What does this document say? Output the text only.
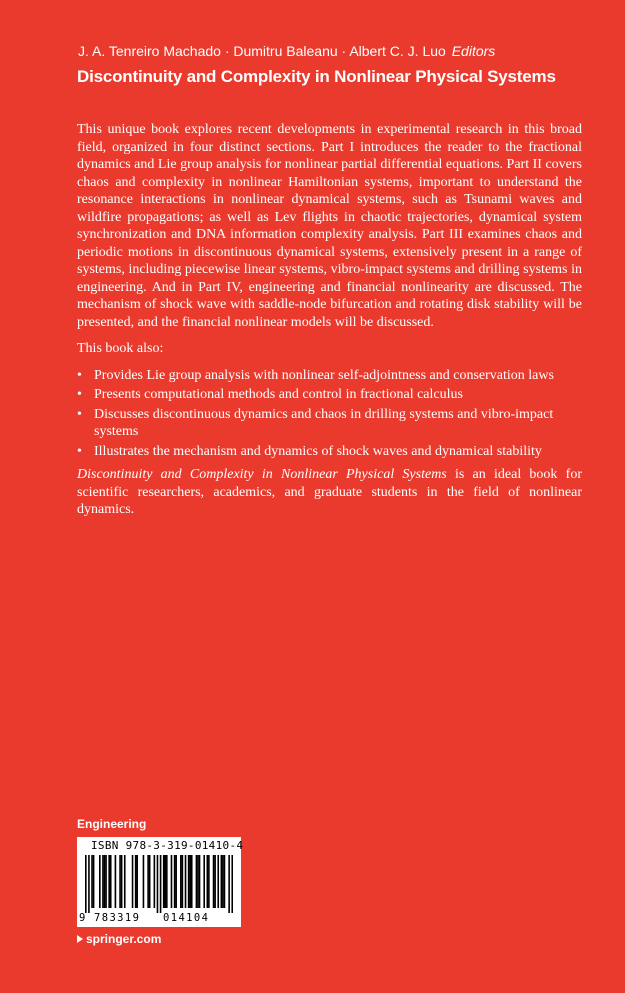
J. A. Tenreiro Machado · Dumitru Baleanu · Albert C. J. Luo Editors
Discontinuity and Complexity in Nonlinear Physical Systems

This unique book explores recent developments in experimental research in this broad field, organized in four distinct sections. Part I introduces the reader to the fractional dynamics and Lie group analysis for nonlinear partial differential equations. Part II covers chaos and complexity in nonlinear Hamiltonian systems, important to understand the resonance interactions in nonlinear dynamical systems, such as Tsunami waves and wildfire propagations; as well as Lev flights in chaotic trajectories, dynamical system synchronization and DNA information complexity analysis. Part III examines chaos and periodic motions in discontinuous dynamical systems, extensively present in a range of systems, including piecewise linear systems, vibro-impact systems and drilling systems in engineering. And in Part IV, engineering and financial nonlinearity are discussed. The mechanism of shock wave with saddle-node bifurcation and rotating disk stability will be presented, and the financial nonlinear models will be discussed.

This book also:

• Provides Lie group analysis with nonlinear self-adjointness and conservation laws
• Presents computational methods and control in fractional calculus
• Discusses discontinuous dynamics and chaos in drilling systems and vibro-impact systems
• Illustrates the mechanism and dynamics of shock waves and dynamical stability

Discontinuity and Complexity in Nonlinear Physical Systems is an ideal book for scientific researchers, academics, and graduate students in the field of nonlinear dynamics.

Engineering
ISBN 978-3-319-01410-4
9 783319 014104
springer.com
